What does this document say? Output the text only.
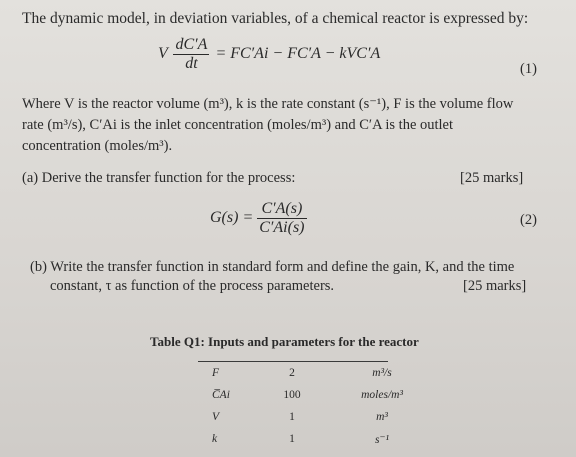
The dynamic model, in deviation variables, of a chemical reactor is expressed by:
V $\frac{dC'A}{dt} = FC'Ai - FC'A - kVC'A$
(1)
Where V is the reactor volume (m³), k is the rate constant (s⁻¹), F is the volume flow
rate (m³/s), C′Ai is the inlet concentration (moles/m³) and C′A is the outlet
concentration (moles/m³).
(a) Derive the transfer function for the process:	[25 marks]
$G(s) = \frac{C'A(s)}{C'Ai(s)}$	(2)
(b) Write the transfer function in standard form and define the gain, K, and the time
constant, τ as function of the process parameters.	[25 marks]
Table Q1: Inputs and parameters for the reactor
F	2	m³/s
C̅Ai	100	moles/m³
V	1	m³
k	1	s⁻¹
